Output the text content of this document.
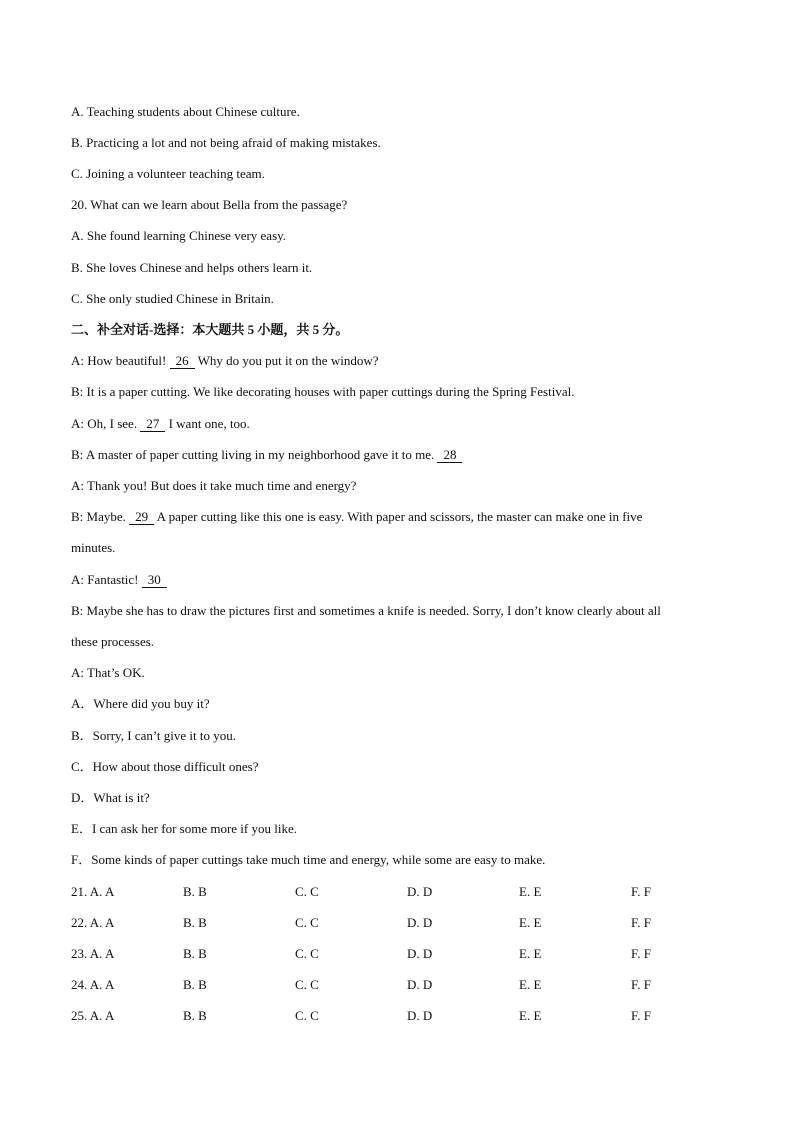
A. Teaching students about Chinese culture.
B. Practicing a lot and not being afraid of making mistakes.
C. Joining a volunteer teaching team.
20. What can we learn about Bella from the passage?
A. She found learning Chinese very easy.
B. She loves Chinese and helps others learn it.
C. She only studied Chinese in Britain.
二、补全对话-选择：本大题共 5 小题，共 5 分。
A: How beautiful! 26 Why do you put it on the window?
B: It is a paper cutting. We like decorating houses with paper cuttings during the Spring Festival.
A: Oh, I see. 27 I want one, too.
B: A master of paper cutting living in my neighborhood gave it to me. 28
A: Thank you! But does it take much time and energy?
B: Maybe. 29 A paper cutting like this one is easy. With paper and scissors, the master can make one in five
minutes.
A: Fantastic! 30
B: Maybe she has to draw the pictures first and sometimes a knife is needed. Sorry, I don’t know clearly about all
these processes.
A: That’s OK.
A．Where did you buy it?
B．Sorry, I can’t give it to you.
C．How about those difficult ones?
D．What is it?
E．I can ask her for some more if you like.
F．Some kinds of paper cuttings take much time and energy, while some are easy to make.
21. A. A	B. B	C. C	D. D	E. E	F. F
22. A. A	B. B	C. C	D. D	E. E	F. F
23. A. A	B. B	C. C	D. D	E. E	F. F
24. A. A	B. B	C. C	D. D	E. E	F. F
25. A. A	B. B	C. C	D. D	E. E	F. F
